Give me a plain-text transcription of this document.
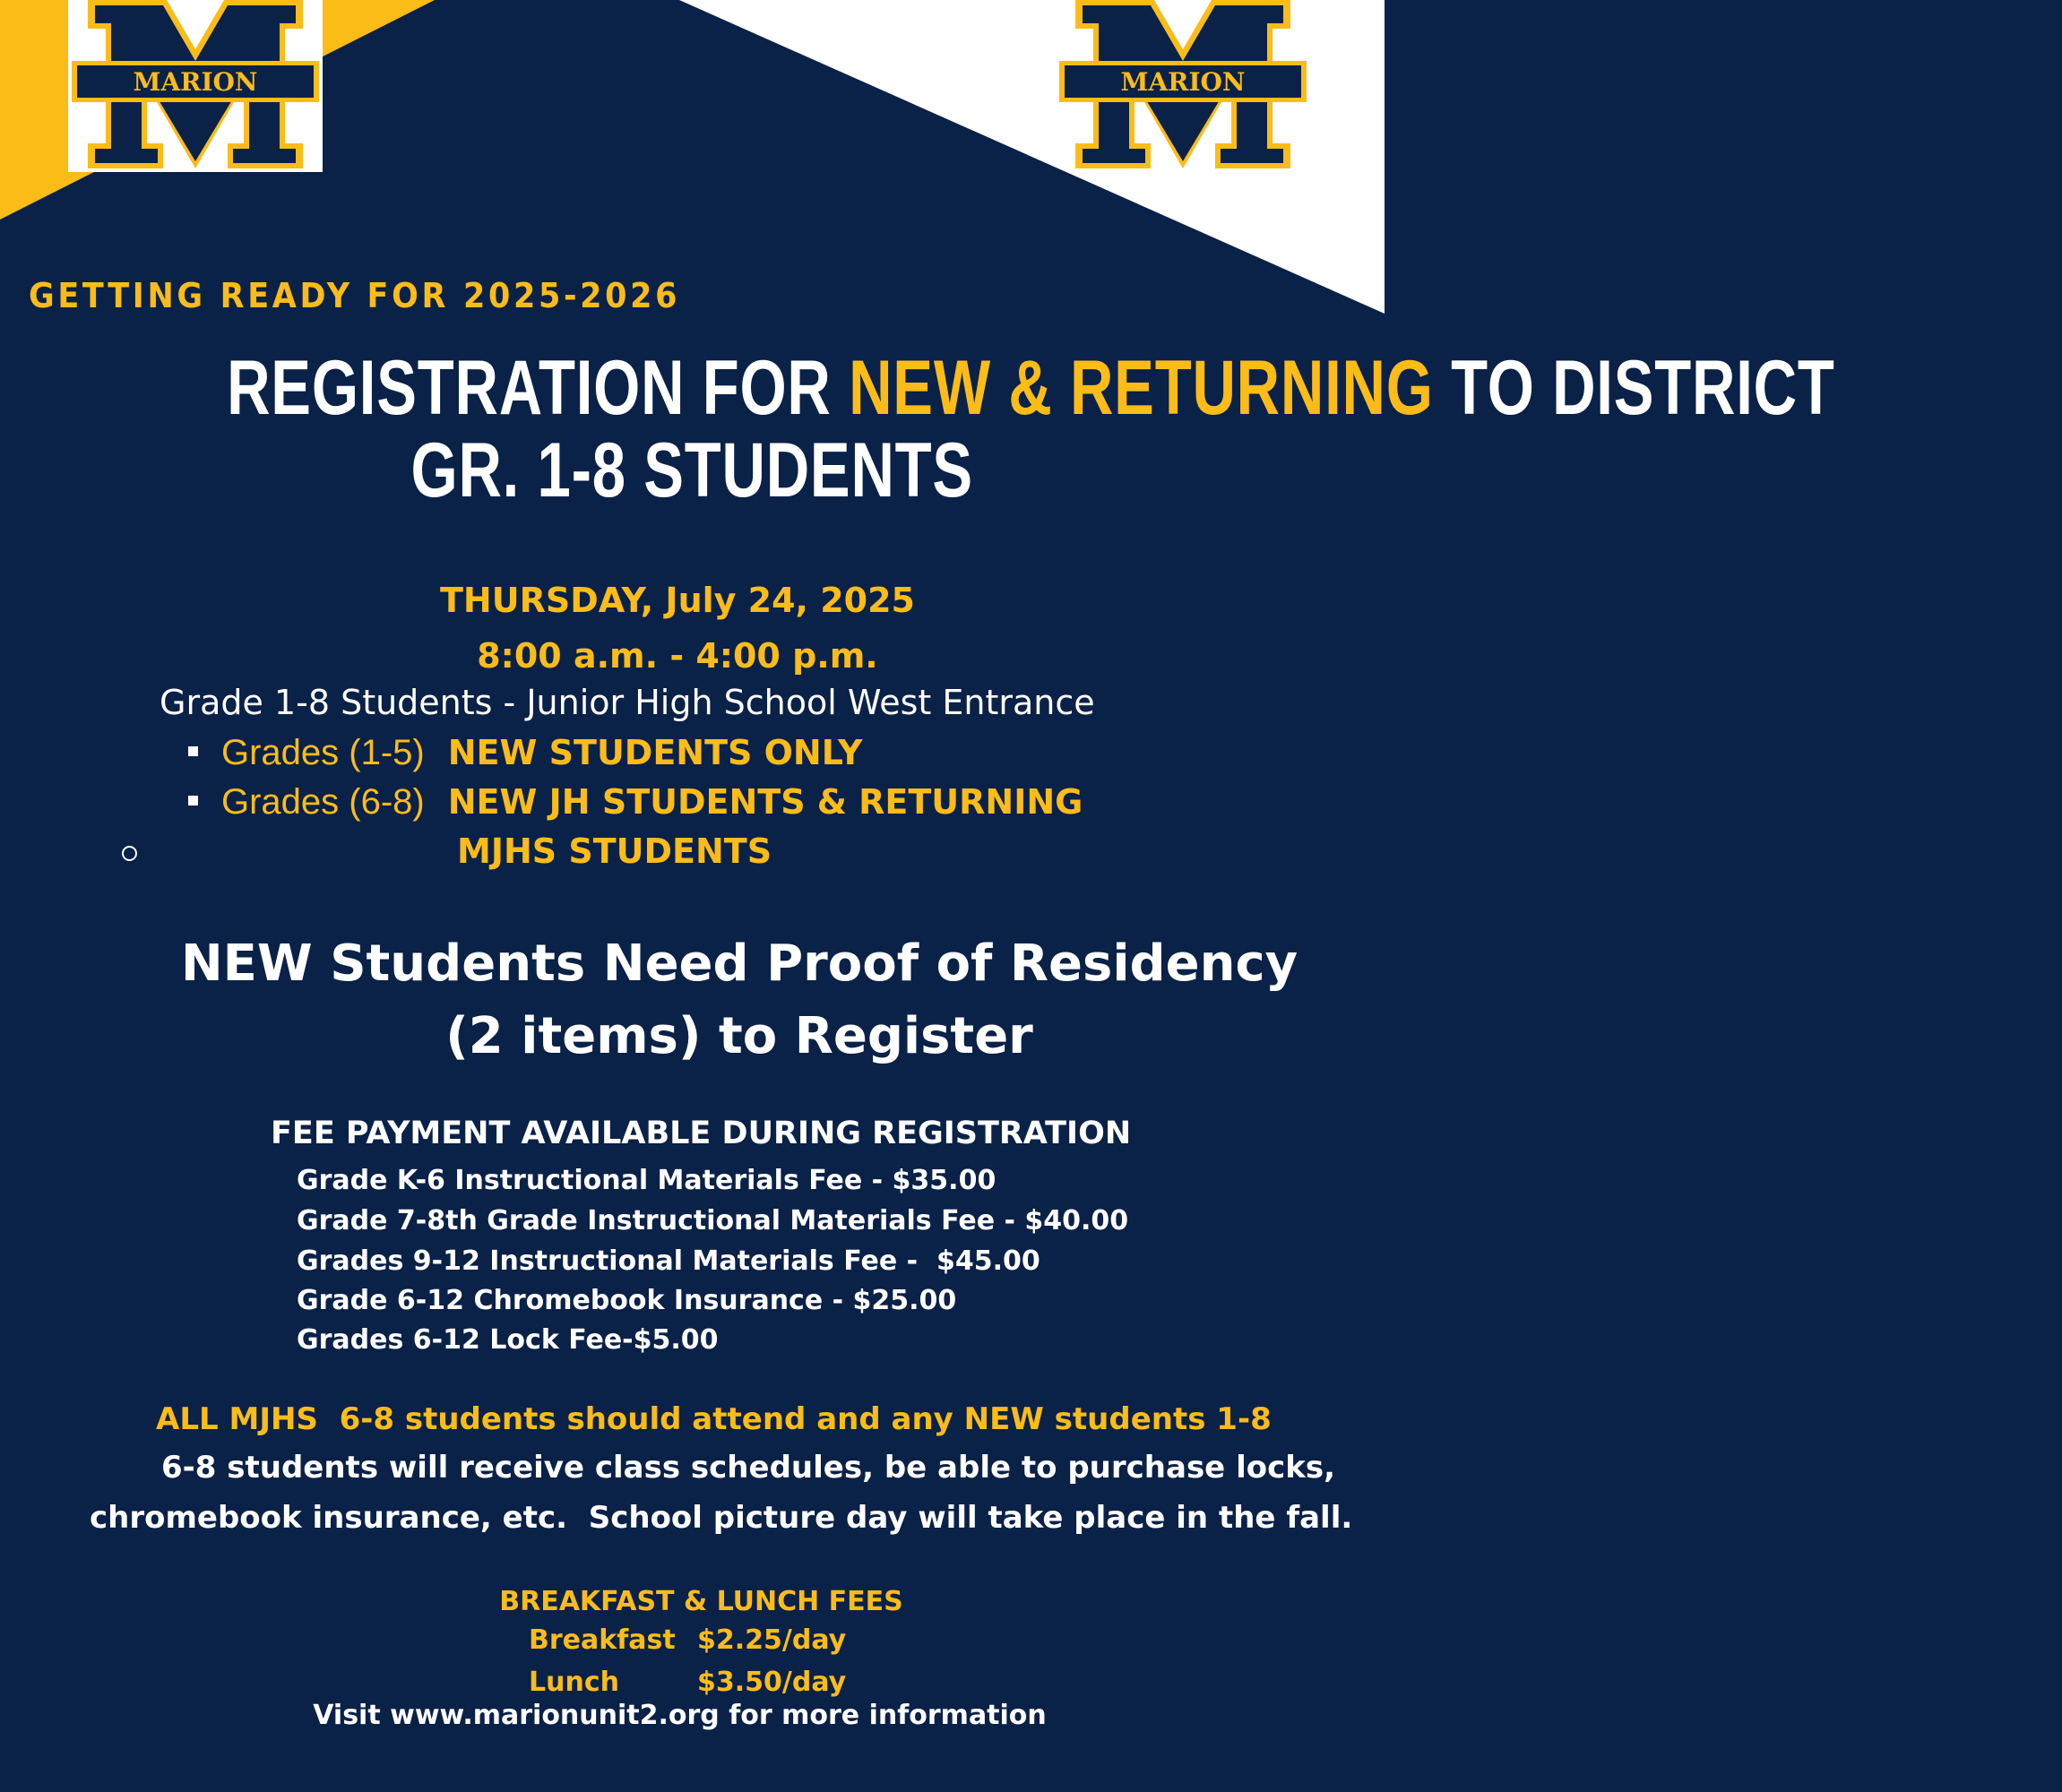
MARION	MARION

GETTING READY FOR 2025-2026

REGISTRATION FOR NEW & RETURNING TO DISTRICT
GR. 1-8 STUDENTS

THURSDAY, July 24, 2025

8:00 a.m. - 4:00 p.m.

Grade 1-8 Students - Junior High School West Entrance

Grades (1-5) NEW STUDENTS ONLY
Grades (6-8) NEW JH STUDENTS & RETURNING

MJHS STUDENTS

NEW Students Need Proof of Residency

(2 items) to Register

FEE PAYMENT AVAILABLE DURING REGISTRATION

Grade K-6 Instructional Materials Fee - $35.00

Grade 7-8th Grade Instructional Materials Fee - $40.00

Grades 9-12 Instructional Materials Fee -  $45.00

Grade 6-12 Chromebook Insurance - $25.00

Grades 6-12 Lock Fee-$5.00

ALL MJHS  6-8 students should attend and any NEW students 1-8

6-8 students will receive class schedules, be able to purchase locks,

chromebook insurance, etc.  School picture day will take place in the fall.

BREAKFAST & LUNCH FEES

Breakfast $2.25/day
Lunch	$3.50/day

Visit www.marionunit2.org for more information
